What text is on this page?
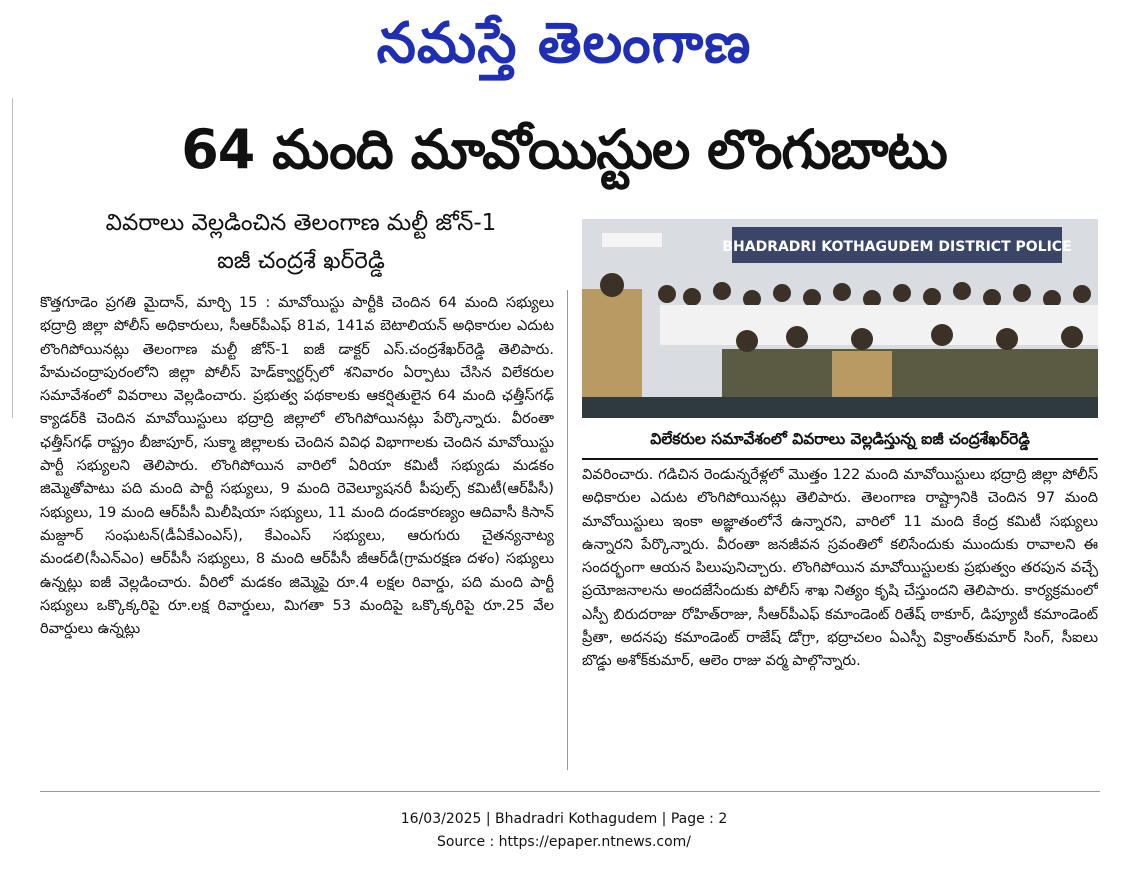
నమస్తే తెలంగాణ
64 మంది మావోయిస్టుల లొంగుబాటు
వివరాలు వెల్లడించిన తెలంగాణ మల్టీ జోన్-1
ఐజీ చంద్రశే ఖర్‌రెడ్డి
కొత్తగూడెం ప్రగతి మైదాన్, మార్చి 15 : మావోయిస్టు పార్టీకి చెందిన 64 మంది సభ్యులు భద్రాద్రి జిల్లా పోలీస్ అధికారులు, సీఆర్‌పీఎఫ్ 81వ, 141వ బెటాలియన్ అధికారుల ఎదుట లొంగిపోయినట్లు తెలంగాణ మల్టీ జోన్-1 ఐజీ డాక్టర్ ఎస్.చంద్రశేఖర్‌రెడ్డి తెలిపారు. హేమచంద్రాపురంలోని జిల్లా పోలీస్ హెడ్‌క్వార్టర్స్‌లో శనివారం ఏర్పాటు చేసిన విలేకరుల సమావేశంలో వివరాలు వెల్లడించారు. ప్రభుత్వ పథకాలకు ఆకర్షితులైన 64 మంది ఛత్తీస్‌గఢ్ క్యాడర్‌కి చెందిన మావోయిస్టులు భద్రాద్రి జిల్లాలో లొంగిపోయినట్లు పేర్కొన్నారు. వీరంతా ఛత్తీస్‌గఢ్ రాష్ట్రం బీజాపూర్, సుక్మా జిల్లాలకు చెందిన వివిధ విభాగాలకు చెందిన మావోయిస్టు పార్టీ సభ్యులని తెలిపారు. లొంగిపోయిన వారిలో ఏరియా కమిటీ సభ్యుడు మడకం జిమ్మెతోపాటు పది మంది పార్టీ సభ్యులు, 9 మంది రెవెల్యూషనరీ పీపుల్స్ కమిటీ(ఆర్‌పీసీ) సభ్యులు, 19 మంది ఆర్‌పీసీ మిలీషియా సభ్యులు, 11 మంది దండకారణ్యం ఆదివాసీ కిసాన్ మజ్దూర్ సంఘటన్(డీఏకేఎంఎస్), కేఎంఎస్ సభ్యులు, ఆరుగురు చైతన్యనాట్య మండలి(సీఎన్‌ఎం) ఆర్‌పీసీ సభ్యులు, 8 మంది ఆర్‌పీసీ జీఆర్‌డీ(గ్రామరక్షణ దళం) సభ్యులు ఉన్నట్లు ఐజీ వెల్లడించారు. వీరిలో మడకం జిమ్మెపై రూ.4 లక్షల రివార్డు, పది మంది పార్టీ సభ్యులు ఒక్కొక్కరిపై రూ.లక్ష రివార్డులు, మిగతా 53 మందిపై ఒక్కొక్కరిపై రూ.25 వేల రివార్డులు ఉన్నట్లు
BHADRADRI KOTHAGUDEM DISTRICT POLICE
విలేకరుల సమావేశంలో వివరాలు వెల్లడిస్తున్న ఐజీ చంద్రశేఖర్‌రెడ్డి
వివరించారు. గడిచిన రెండున్నరేళ్లలో మొత్తం 122 మంది మావోయిస్టులు భద్రాద్రి జిల్లా పోలీస్ అధికారుల ఎదుట లొంగిపోయినట్లు తెలిపారు. తెలంగాణ రాష్ట్రానికి చెందిన 97 మంది మావోయిస్టులు ఇంకా అజ్ఞాతంలోనే ఉన్నారని, వారిలో 11 మంది కేంద్ర కమిటీ సభ్యులు ఉన్నారని పేర్కొన్నారు. వీరంతా జనజీవన స్రవంతిలో కలిసేందుకు ముందుకు రావాలని ఈ సందర్భంగా ఆయన పిలుపునిచ్చారు. లొంగిపోయిన మావోయిస్టులకు ప్రభుత్వం తరపున వచ్చే ప్రయోజనాలను అందజేసేందుకు పోలీస్ శాఖ నిత్యం కృషి చేస్తుందని తెలిపారు. కార్యక్రమంలో ఎస్పీ బిరుదరాజు రోహిత్‌రాజు, సీఆర్‌పీఎఫ్ కమాండెంట్ రితేష్ ఠాకూర్, డిప్యూటీ కమాండెంట్ ప్రీతా, అదనపు కమాండెంట్ రాజేష్ డోగ్రా, భద్రాచలం ఏఎస్పీ విక్రాంత్‌కుమార్ సింగ్, సీఐలు బొడ్డు అశోక్‌కుమార్, ఆలెం రాజు వర్మ పాల్గొన్నారు.
16/03/2025 | Bhadradri Kothagudem | Page : 2
Source : https://epaper.ntnews.com/
